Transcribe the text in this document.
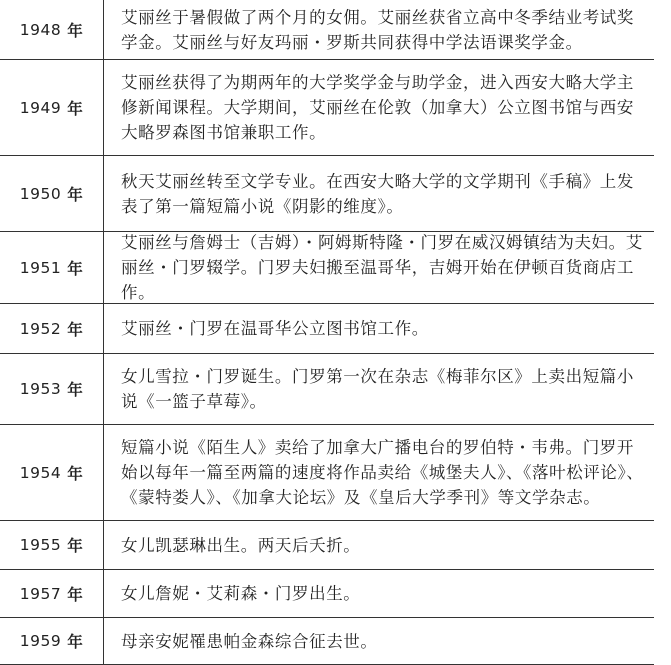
1948 年
艾丽丝于暑假做了两个月的女佣。艾丽丝获省立高中冬季结业考试奖学金。艾丽丝与好友玛丽・罗斯共同获得中学法语课奖学金。
1949 年
艾丽丝获得了为期两年的大学奖学金与助学金，进入西安大略大学主修新闻课程。大学期间，艾丽丝在伦敦（加拿大）公立图书馆与西安大略罗森图书馆兼职工作。
1950 年
秋天艾丽丝转至文学专业。在西安大略大学的文学期刊《手稿》上发表了第一篇短篇小说《阴影的维度》。
1951 年
艾丽丝与詹姆士（吉姆）・阿姆斯特隆・门罗在威汉姆镇结为夫妇。艾丽丝・门罗辍学。门罗夫妇搬至温哥华，吉姆开始在伊顿百货商店工作。
1952 年 艾丽丝・门罗在温哥华公立图书馆工作。
1953 年
女儿雪拉・门罗诞生。门罗第一次在杂志《梅菲尔区》上卖出短篇小说《一篮子草莓》。
1954 年
短篇小说《陌生人》卖给了加拿大广播电台的罗伯特・韦弗。门罗开始以每年一篇至两篇的速度将作品卖给《城堡夫人》、《落叶松评论》、《蒙特娄人》、《加拿大论坛》及《皇后大学季刊》等文学杂志。
1955 年 女儿凯瑟琳出生。两天后夭折。
1957 年 女儿詹妮・艾莉森・门罗出生。
1959 年 母亲安妮罹患帕金森综合征去世。
